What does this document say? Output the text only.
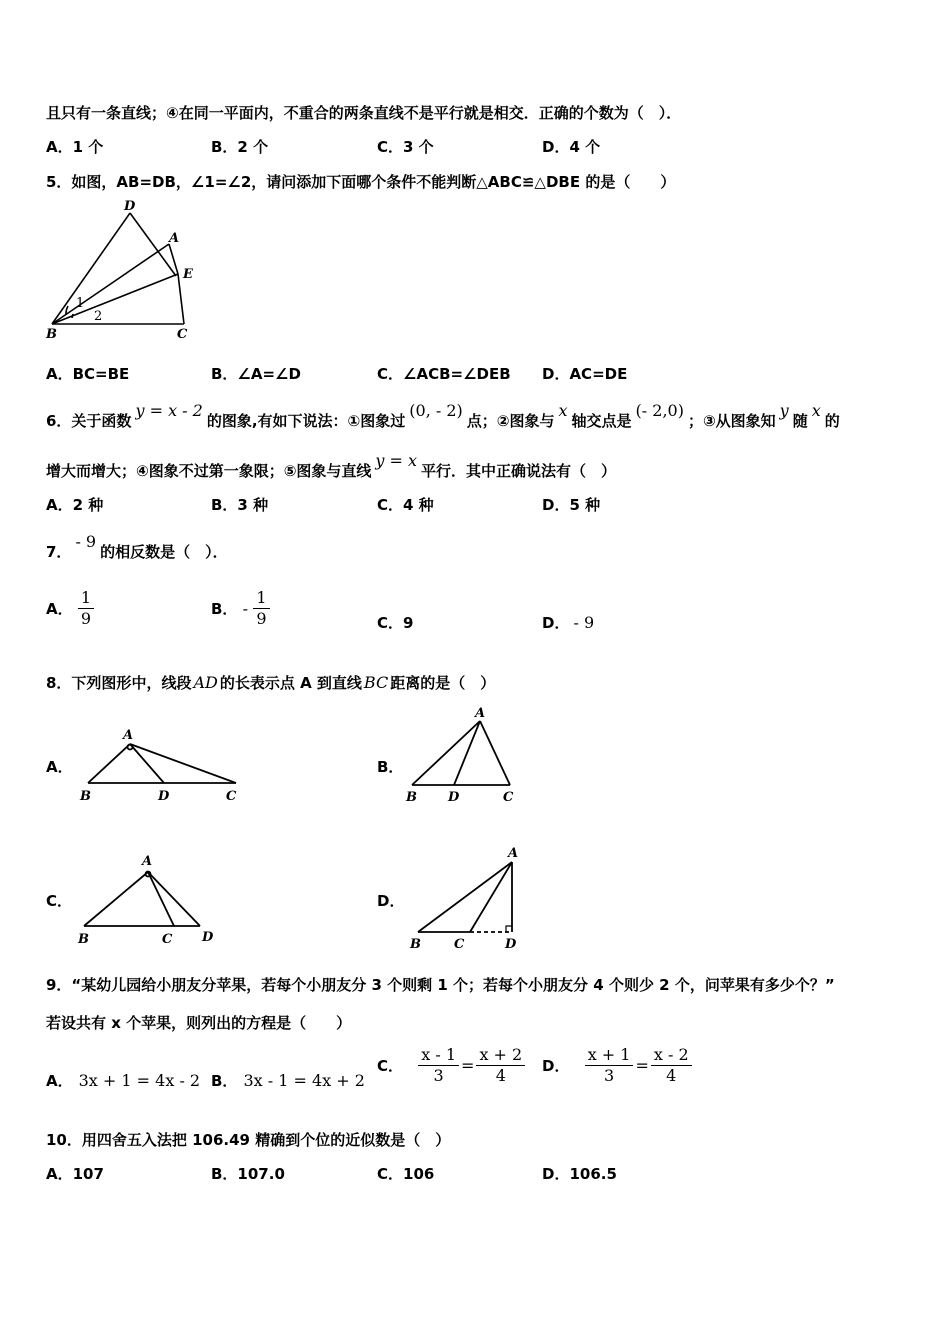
且只有一条直线；④在同一平面内，不重合的两条直线不是平行就是相交．正确的个数为（　）．
A．1 个	B．2 个	C．3 个	D．4 个
5．如图，AB=DB，∠1=∠2，请问添加下面哪个条件不能判断△ABC≌△DBE 的是（　　）
D
A
E
B	C
1
2
A．BC=BE	B．∠A=∠D	C．∠ACB=∠DEB D．AC=DE
6．关于函数y = x - 2的图象,有如下说法：①图象过(0, - 2)点；②图象与x轴交点是(- 2,0)；③从图象知y随x的
增大而增大；④图象不过第一象限；⑤图象与直线y = x平行．其中正确说法有（　）
A．2 种	B．3 种	C．4 种	D．5 种
7．- 9的相反数是（　）．
A． $\frac{1}{9}$	B． - $\frac{1}{9}$	C．9	D． - 9
8．下列图形中，线段 AD 的长表示点 A 到直线 BC 距离的是（　）
A．
A
B	D	C
B．
A
B D	C
C．
A
B	C D
D．
A
B	C	D
9．“某幼儿园给小朋友分苹果，若每个小朋友分 3 个则剩 1 个；若每个小朋友分 4 个则少 2 个，问苹果有多少个？”
若设共有 x 个苹果，则列出的方程是（　　）
A． 3x + 1 = 4x - 2 B． 3x - 1 = 4x + 2
C． $\frac{x - 1}{3} = \frac{x + 2}{4}$ D． $\frac{x + 1}{3} = \frac{x - 2}{4}$
10．用四舍五入法把 106.49 精确到个位的近似数是（　）
A．107	B．107.0	C．106	D．106.5
